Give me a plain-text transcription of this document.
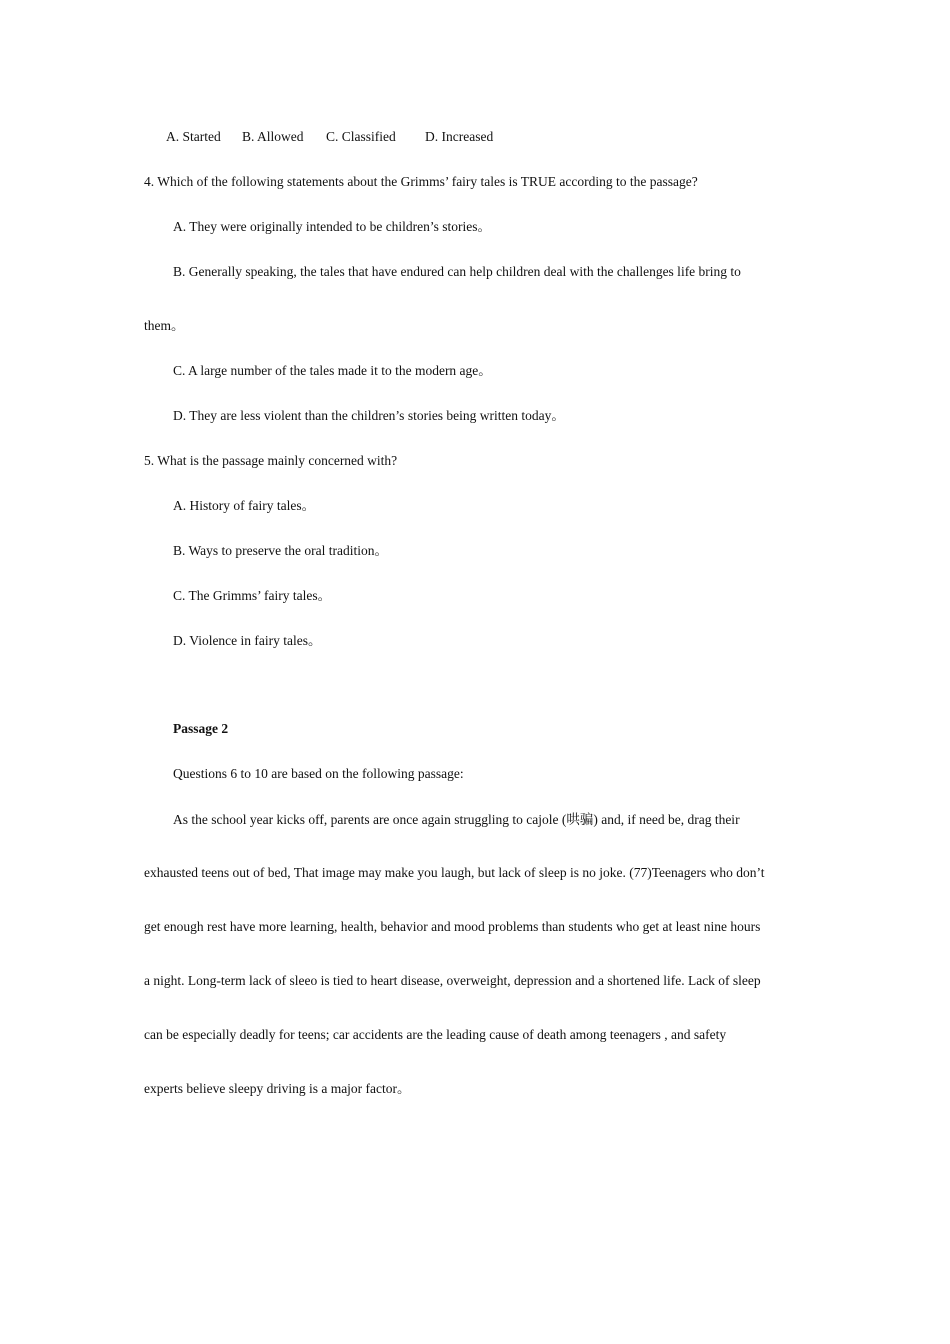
A. Started B. Allowed C. Classified D. Increased
4. Which of the following statements about the Grimms’ fairy tales is TRUE according to the passage?
A. They were originally intended to be children’s stories。
B. Generally speaking, the tales that have endured can help children deal with the challenges life bring to
them。
C. A large number of the tales made it to the modern age。
D. They are less violent than the children’s stories being written today。
5. What is the passage mainly concerned with?
A. History of fairy tales。
B. Ways to preserve the oral tradition。
C. The Grimms’ fairy tales。
D. Violence in fairy tales。
Passage 2
Questions 6 to 10 are based on the following passage:
As the school year kicks off, parents are once again struggling to cajole (哄骗) and, if need be, drag their
exhausted teens out of bed, That image may make you laugh, but lack of sleep is no joke. (77)Teenagers who don’t
get enough rest have more learning, health, behavior and mood problems than students who get at least nine hours
a night. Long-term lack of sleeo is tied to heart disease, overweight, depression and a shortened life. Lack of sleep
can be especially deadly for teens; car accidents are the leading cause of death among teenagers , and safety
experts believe sleepy driving is a major factor。
